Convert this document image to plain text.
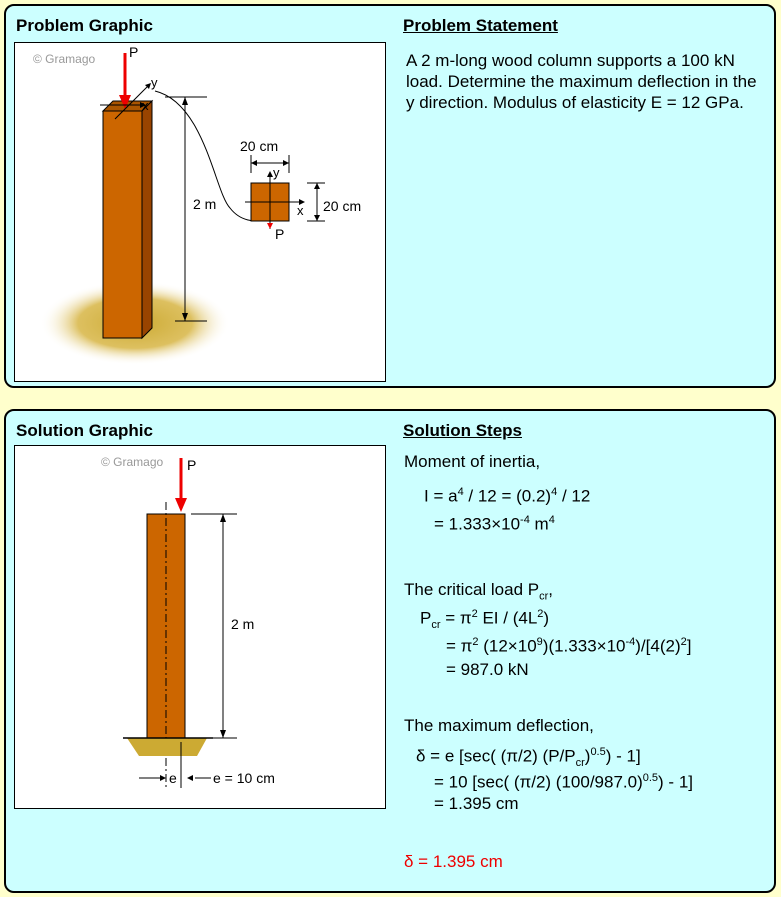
Problem Graphic	Problem Statement
P
x
y
2 m	x
y
P
20 cm
20 cm
© Gramago	A 2 m-long wood column supports a 100 kN load. Determine the maximum deflection in the y direction. Modulus of elasticity E = 12 GPa.
Solution Graphic	Solution Steps
P
2 m
e	e = 10 cm
© Gramago	Moment of inertia,
$I = a^4 / 12 = (0.2)^4 / 12$
= $1.333\times 10^{-4}$ $m^4$
The critical load $P_{cr}$,
$P_{cr} = \pi^2$ EI / $(4L^2)$
= $\pi^2$ $(12\times 10^9)(1.333\times 10^{-4})/[4(2)^2]$
= 987.0 kN
The maximum deflection,
δ = e [sec( (π/2) $(P/P_{cr})^{0.5}) - 1$]
= 10 [sec( (π/2) $(100/987.0)^{0.5}) - 1$]
= 1.395 cm
δ = 1.395 cm
